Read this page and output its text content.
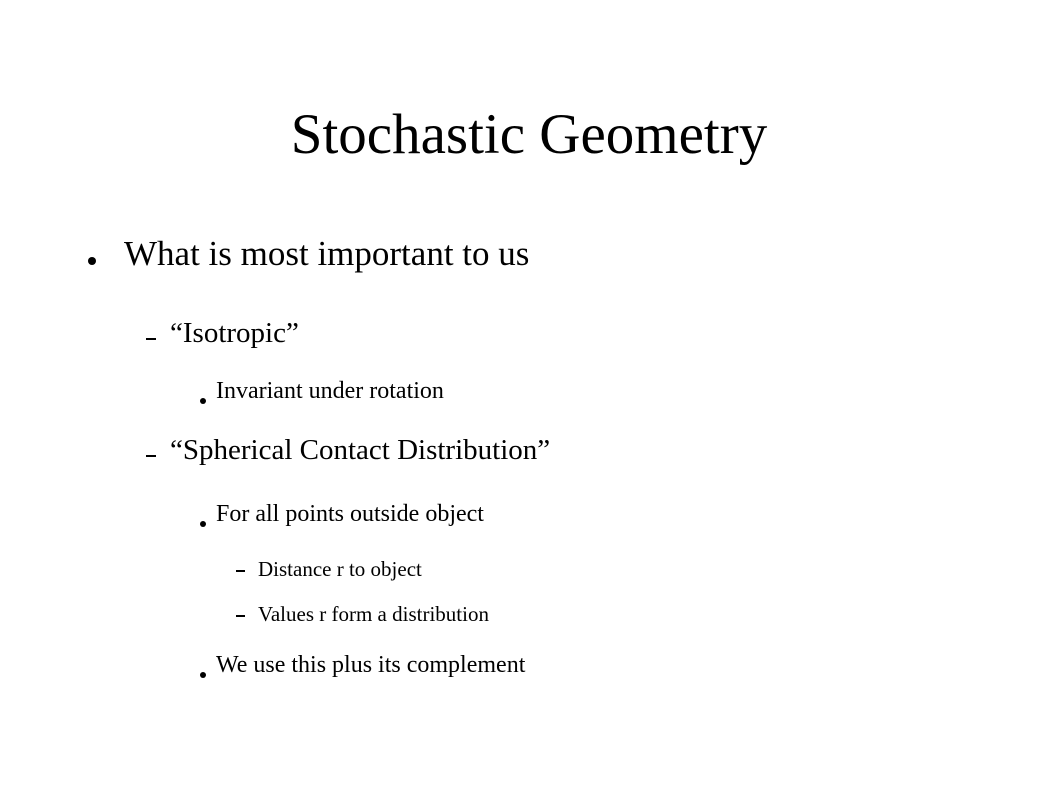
Stochastic Geometry
What is most important to us
“Isotropic”
Invariant under rotation
“Spherical Contact Distribution”
For all points outside object
Distance r to object
Values r form a distribution
We use this plus its complement
